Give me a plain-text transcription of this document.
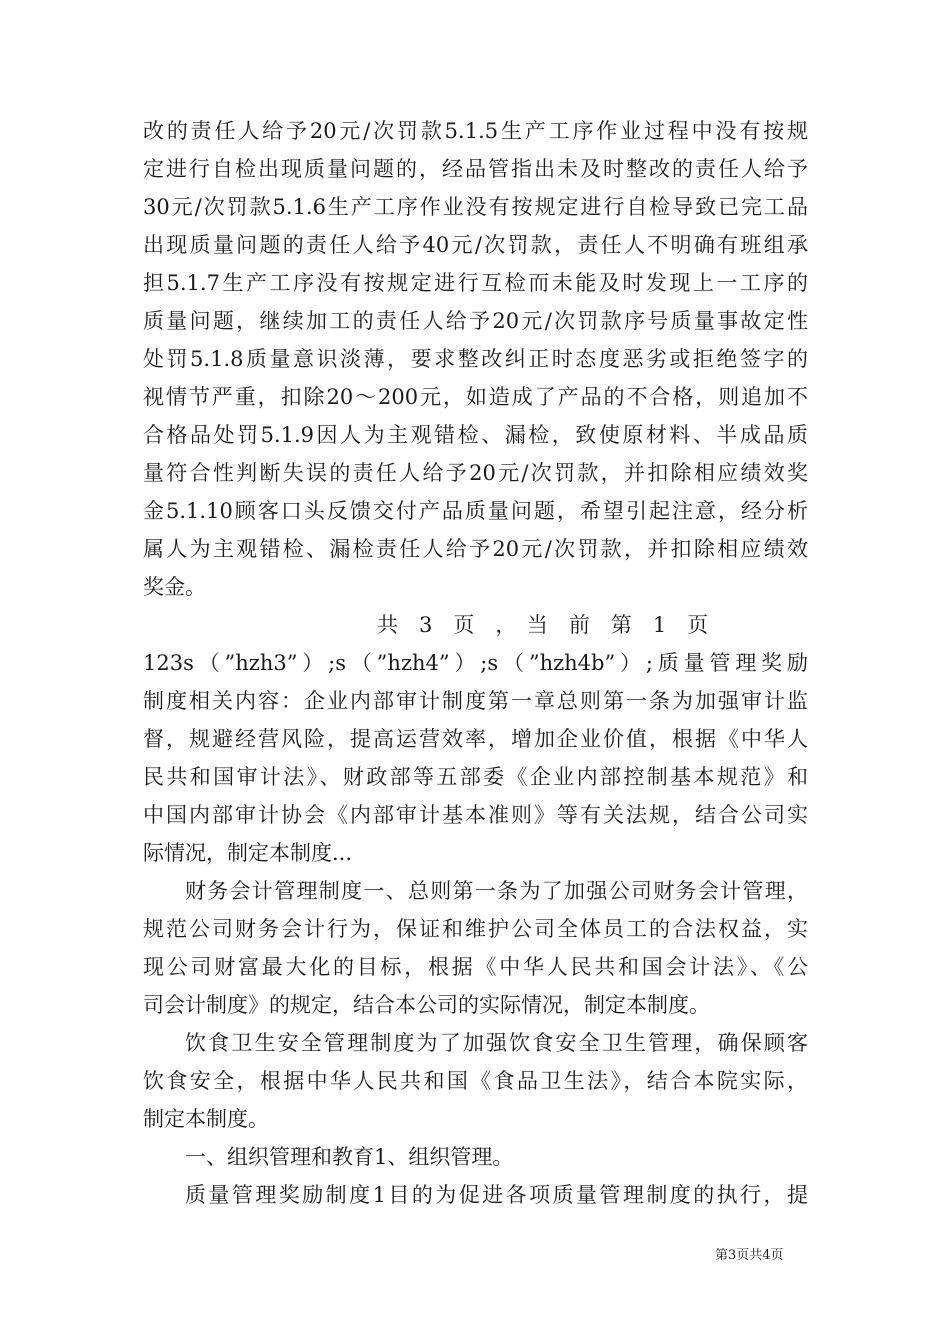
改的责任人给予20元/次罚款5.1.5生产工序作业过程中没有按规
定进行自检出现质量问题的，经品管指出未及时整改的责任人给予
30元/次罚款5.1.6生产工序作业没有按规定进行自检导致已完工品
出现质量问题的责任人给予40元/次罚款，责任人不明确有班组承
担5.1.7生产工序没有按规定进行互检而未能及时发现上一工序的
质量问题，继续加工的责任人给予20元/次罚款序号质量事故定性
处罚5.1.8质量意识淡薄，要求整改纠正时态度恶劣或拒绝签字的
视情节严重，扣除20～200元，如造成了产品的不合格，则追加不
合格品处罚5.1.9因人为主观错检、漏检，致使原材料、半成品质
量符合性判断失误的责任人给予20元/次罚款，并扣除相应绩效奖
金5.1.10顾客口头反馈交付产品质量问题，希望引起注意，经分析
属人为主观错检、漏检责任人给予20元/次罚款，并扣除相应绩效
奖金。
共　3　页　，　当　前　第　1　页
123s（”hzh3”）;s（”hzh4”）;s（”hzh4b”）;质量管理奖励
制度相关内容：企业内部审计制度第一章总则第一条为加强审计监
督，规避经营风险，提高运营效率，增加企业价值，根据《中华人
民共和国审计法》、财政部等五部委《企业内部控制基本规范》和
中国内部审计协会《内部审计基本准则》等有关法规，结合公司实
际情况，制定本制度...
财务会计管理制度一、总则第一条为了加强公司财务会计管理，
规范公司财务会计行为，保证和维护公司全体员工的合法权益，实
现公司财富最大化的目标，根据《中华人民共和国会计法》、《公
司会计制度》的规定，结合本公司的实际情况，制定本制度。
饮食卫生安全管理制度为了加强饮食安全卫生管理，确保顾客
饮食安全，根据中华人民共和国《食品卫生法》，结合本院实际，
制定本制度。
一、组织管理和教育1、组织管理。
质量管理奖励制度1目的为促进各项质量管理制度的执行，提
第3页共4页
